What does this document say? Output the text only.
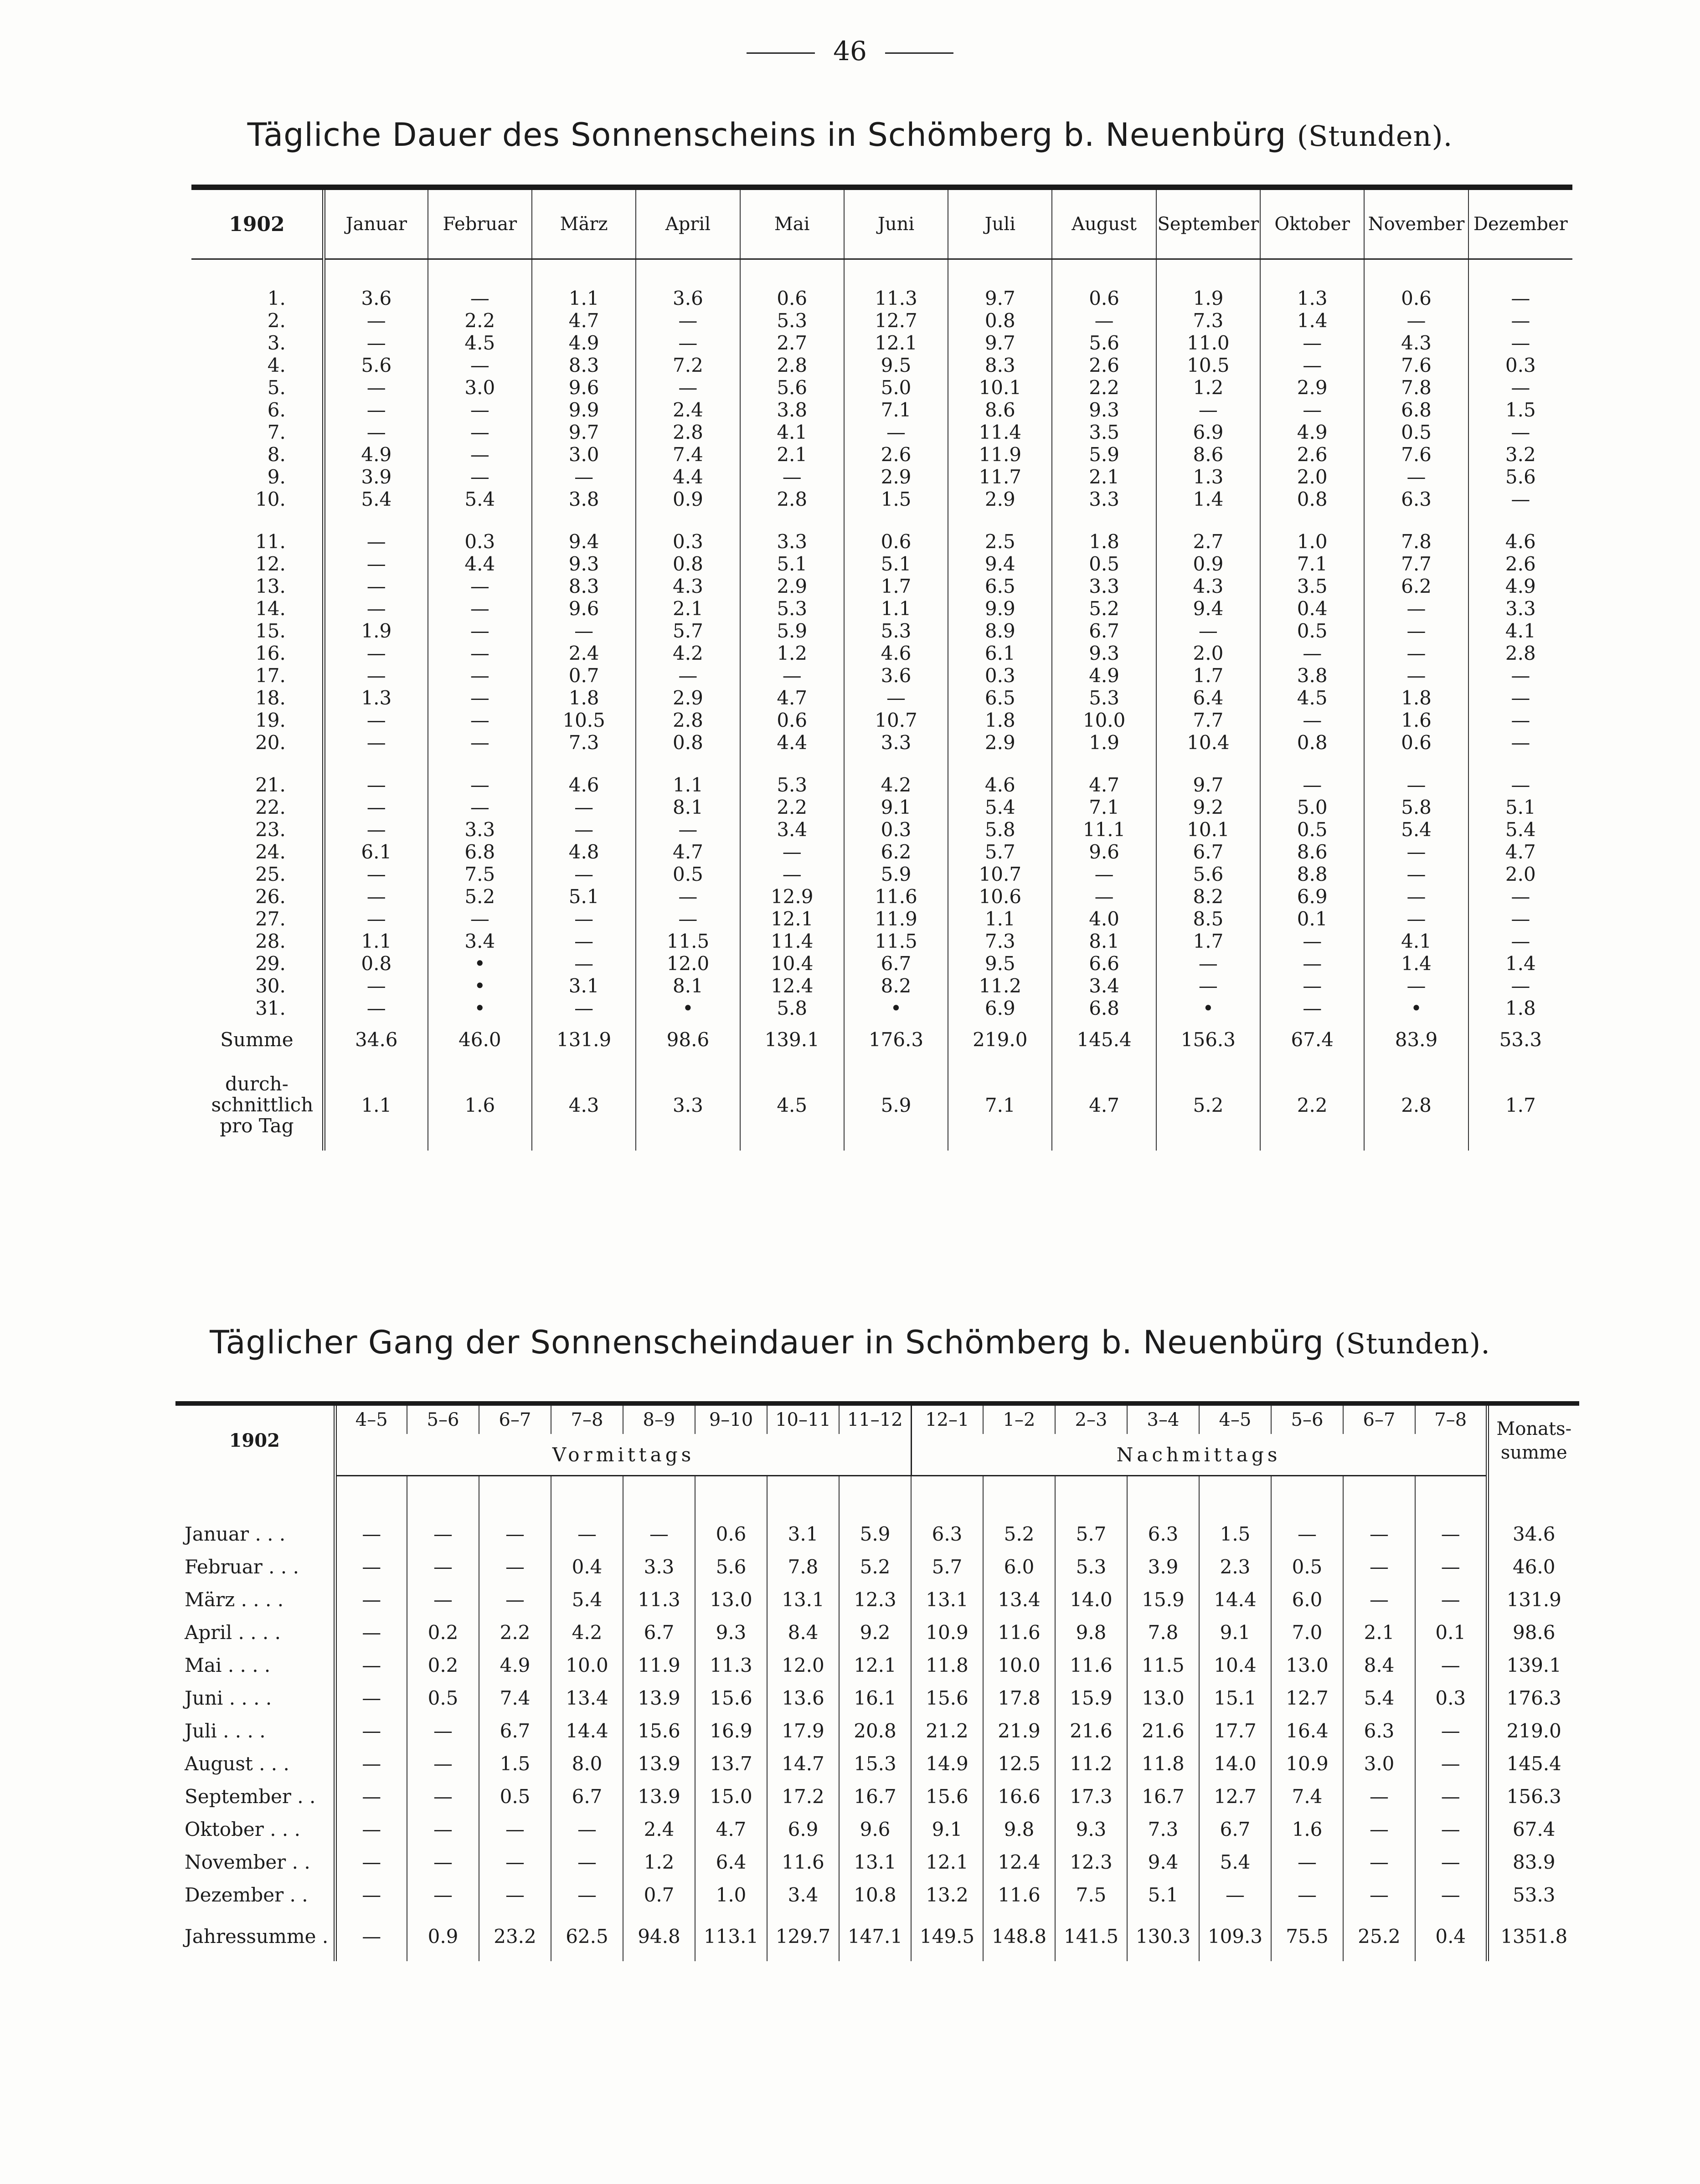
46
Tägliche Dauer des Sonnenscheins in Schömberg b. Neuenbürg (Stunden).
1902	Januar	Februar	März	April	Mai	Juni	Juli	August	September	Oktober	November	Dezember

1.	3.6	—	1.1	3.6	0.6	11.3	9.7	0.6	1.9	1.3	0.6	—
2.	—	2.2	4.7	—	5.3	12.7	0.8	—	7.3	1.4	—	—
3.	—	4.5	4.9	—	2.7	12.1	9.7	5.6	11.0	—	4.3	—
4.	5.6	—	8.3	7.2	2.8	9.5	8.3	2.6	10.5	—	7.6	0.3
5.	—	3.0	9.6	—	5.6	5.0	10.1	2.2	1.2	2.9	7.8	—
6.	—	—	9.9	2.4	3.8	7.1	8.6	9.3	—	—	6.8	1.5
7.	—	—	9.7	2.8	4.1	—	11.4	3.5	6.9	4.9	0.5	—
8.	4.9	—	3.0	7.4	2.1	2.6	11.9	5.9	8.6	2.6	7.6	3.2
9.	3.9	—	—	4.4	—	2.9	11.7	2.1	1.3	2.0	—	5.6
10.	5.4	5.4	3.8	0.9	2.8	1.5	2.9	3.3	1.4	0.8	6.3	—

11.	—	0.3	9.4	0.3	3.3	0.6	2.5	1.8	2.7	1.0	7.8	4.6
12.	—	4.4	9.3	0.8	5.1	5.1	9.4	0.5	0.9	7.1	7.7	2.6
13.	—	—	8.3	4.3	2.9	1.7	6.5	3.3	4.3	3.5	6.2	4.9
14.	—	—	9.6	2.1	5.3	1.1	9.9	5.2	9.4	0.4	—	3.3
15.	1.9	—	—	5.7	5.9	5.3	8.9	6.7	—	0.5	—	4.1
16.	—	—	2.4	4.2	1.2	4.6	6.1	9.3	2.0	—	—	2.8
17.	—	—	0.7	—	—	3.6	0.3	4.9	1.7	3.8	—	—
18.	1.3	—	1.8	2.9	4.7	—	6.5	5.3	6.4	4.5	1.8	—
19.	—	—	10.5	2.8	0.6	10.7	1.8	10.0	7.7	—	1.6	—
20.	—	—	7.3	0.8	4.4	3.3	2.9	1.9	10.4	0.8	0.6	—

21.	—	—	4.6	1.1	5.3	4.2	4.6	4.7	9.7	—	—	—
22.	—	—	—	8.1	2.2	9.1	5.4	7.1	9.2	5.0	5.8	5.1
23.	—	3.3	—	—	3.4	0.3	5.8	11.1	10.1	0.5	5.4	5.4
24.	6.1	6.8	4.8	4.7	—	6.2	5.7	9.6	6.7	8.6	—	4.7
25.	—	7.5	—	0.5	—	5.9	10.7	—	5.6	8.8	—	2.0
26.	—	5.2	5.1	—	12.9	11.6	10.6	—	8.2	6.9	—	—
27.	—	—	—	—	12.1	11.9	1.1	4.0	8.5	0.1	—	—
28.	1.1	3.4	—	11.5	11.4	11.5	7.3	8.1	1.7	—	4.1	—
29.	0.8	•	—	12.0	10.4	6.7	9.5	6.6	—	—	1.4	1.4
30.	—	•	3.1	8.1	12.4	8.2	11.2	3.4	—	—	—	—
31.	—	•	—	•	5.8	•	6.9	6.8	•	—	•	1.8
Summe	34.6	46.0	131.9	98.6	139.1	176.3	219.0	145.4	156.3	67.4	83.9	53.3
durch-schnittlich pro Tag	1.1	1.6	4.3	3.3	4.5	5.9	7.1	4.7	5.2	2.2	2.8	1.7
Täglicher Gang der Sonnenscheindauer in Schömberg b. Neuenbürg (Stunden).
1902	4–5	5–6	6–7	7–8	8–9	9–10	10–11	11–12	12–1	1–2	2–3	3–4	4–5	5–6	6–7	7–8	Monats-summe
	Vormittags								Nachmittags								

Januar . . .	—	—	—	—	—	0.6	3.1	5.9	6.3	5.2	5.7	6.3	1.5	—	—	—	34.6
Februar . . .	—	—	—	0.4	3.3	5.6	7.8	5.2	5.7	6.0	5.3	3.9	2.3	0.5	—	—	46.0
März . . . .	—	—	—	5.4	11.3	13.0	13.1	12.3	13.1	13.4	14.0	15.9	14.4	6.0	—	—	131.9
April . . . .	—	0.2	2.2	4.2	6.7	9.3	8.4	9.2	10.9	11.6	9.8	7.8	9.1	7.0	2.1	0.1	98.6
Mai . . . .	—	0.2	4.9	10.0	11.9	11.3	12.0	12.1	11.8	10.0	11.6	11.5	10.4	13.0	8.4	—	139.1
Juni . . . .	—	0.5	7.4	13.4	13.9	15.6	13.6	16.1	15.6	17.8	15.9	13.0	15.1	12.7	5.4	0.3	176.3
Juli . . . .	—	—	6.7	14.4	15.6	16.9	17.9	20.8	21.2	21.9	21.6	21.6	17.7	16.4	6.3	—	219.0
August . . .	—	—	1.5	8.0	13.9	13.7	14.7	15.3	14.9	12.5	11.2	11.8	14.0	10.9	3.0	—	145.4
September . .	—	—	0.5	6.7	13.9	15.0	17.2	16.7	15.6	16.6	17.3	16.7	12.7	7.4	—	—	156.3
Oktober . . .	—	—	—	—	2.4	4.7	6.9	9.6	9.1	9.8	9.3	7.3	6.7	1.6	—	—	67.4
November . .	—	—	—	—	1.2	6.4	11.6	13.1	12.1	12.4	12.3	9.4	5.4	—	—	—	83.9
Dezember . .	—	—	—	—	0.7	1.0	3.4	10.8	13.2	11.6	7.5	5.1	—	—	—	—	53.3
Jahressumme .	—	0.9	23.2	62.5	94.8	113.1	129.7	147.1	149.5	148.8	141.5	130.3	109.3	75.5	25.2	0.4	1351.8
